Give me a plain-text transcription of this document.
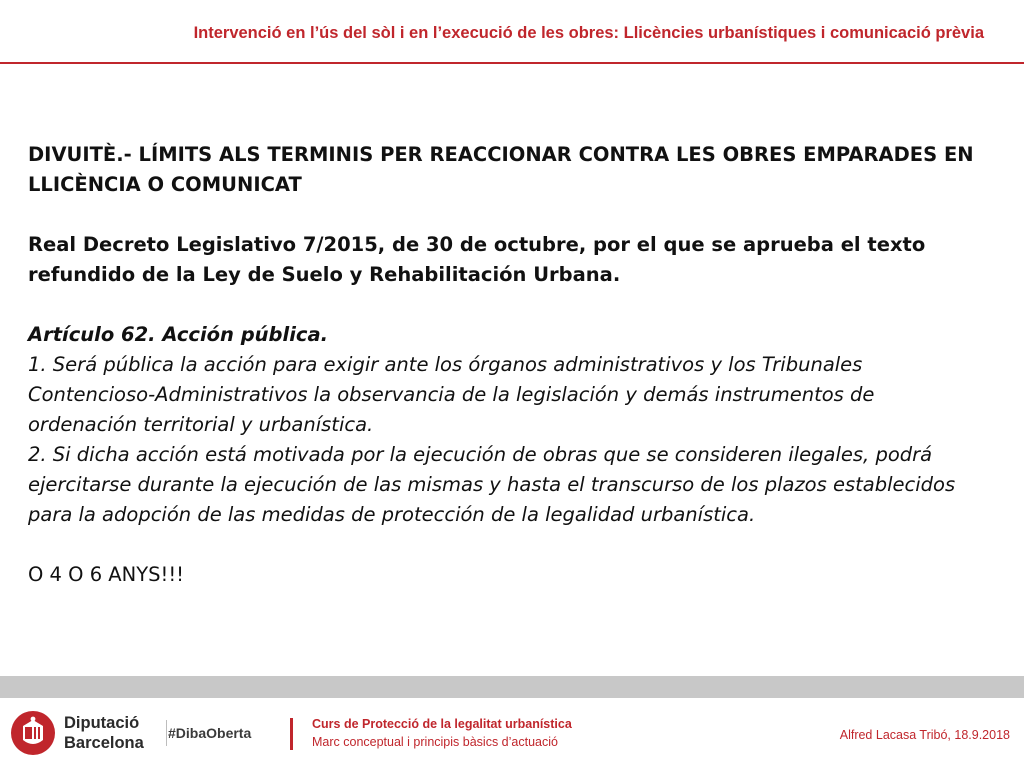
Intervenció en l’ús del sòl i en l’execució de les obres: Llicències urbanístiques i comunicació prèvia

DIVUITÈ.- LÍMITS ALS TERMINIS PER REACCIONAR CONTRA LES OBRES EMPARADES EN LLICÈNCIA O COMUNICAT

Real Decreto Legislativo 7/2015, de 30 de octubre, por el que se aprueba el texto refundido de la Ley de Suelo y Rehabilitación Urbana.

Artículo 62. Acción pública.

1. Será pública la acción para exigir ante los órganos administrativos y los Tribunales Contencioso-Administrativos la observancia de la legislación y demás instrumentos de ordenación territorial y urbanística.

2. Si dicha acción está motivada por la ejecución de obras que se consideren ilegales, podrá ejercitarse durante la ejecución de las mismas y hasta el transcurso de los plazos establecidos para la adopción de las medidas de protección de la legalidad urbanística.

O 4 O 6 ANYS!!!

Diputació
Barcelona
#DibaOberta
Curs de Protecció de la legalitat urbanística
Marc conceptual i principis bàsics d’actuació	Alfred Lacasa Tribó, 18.9.2018
